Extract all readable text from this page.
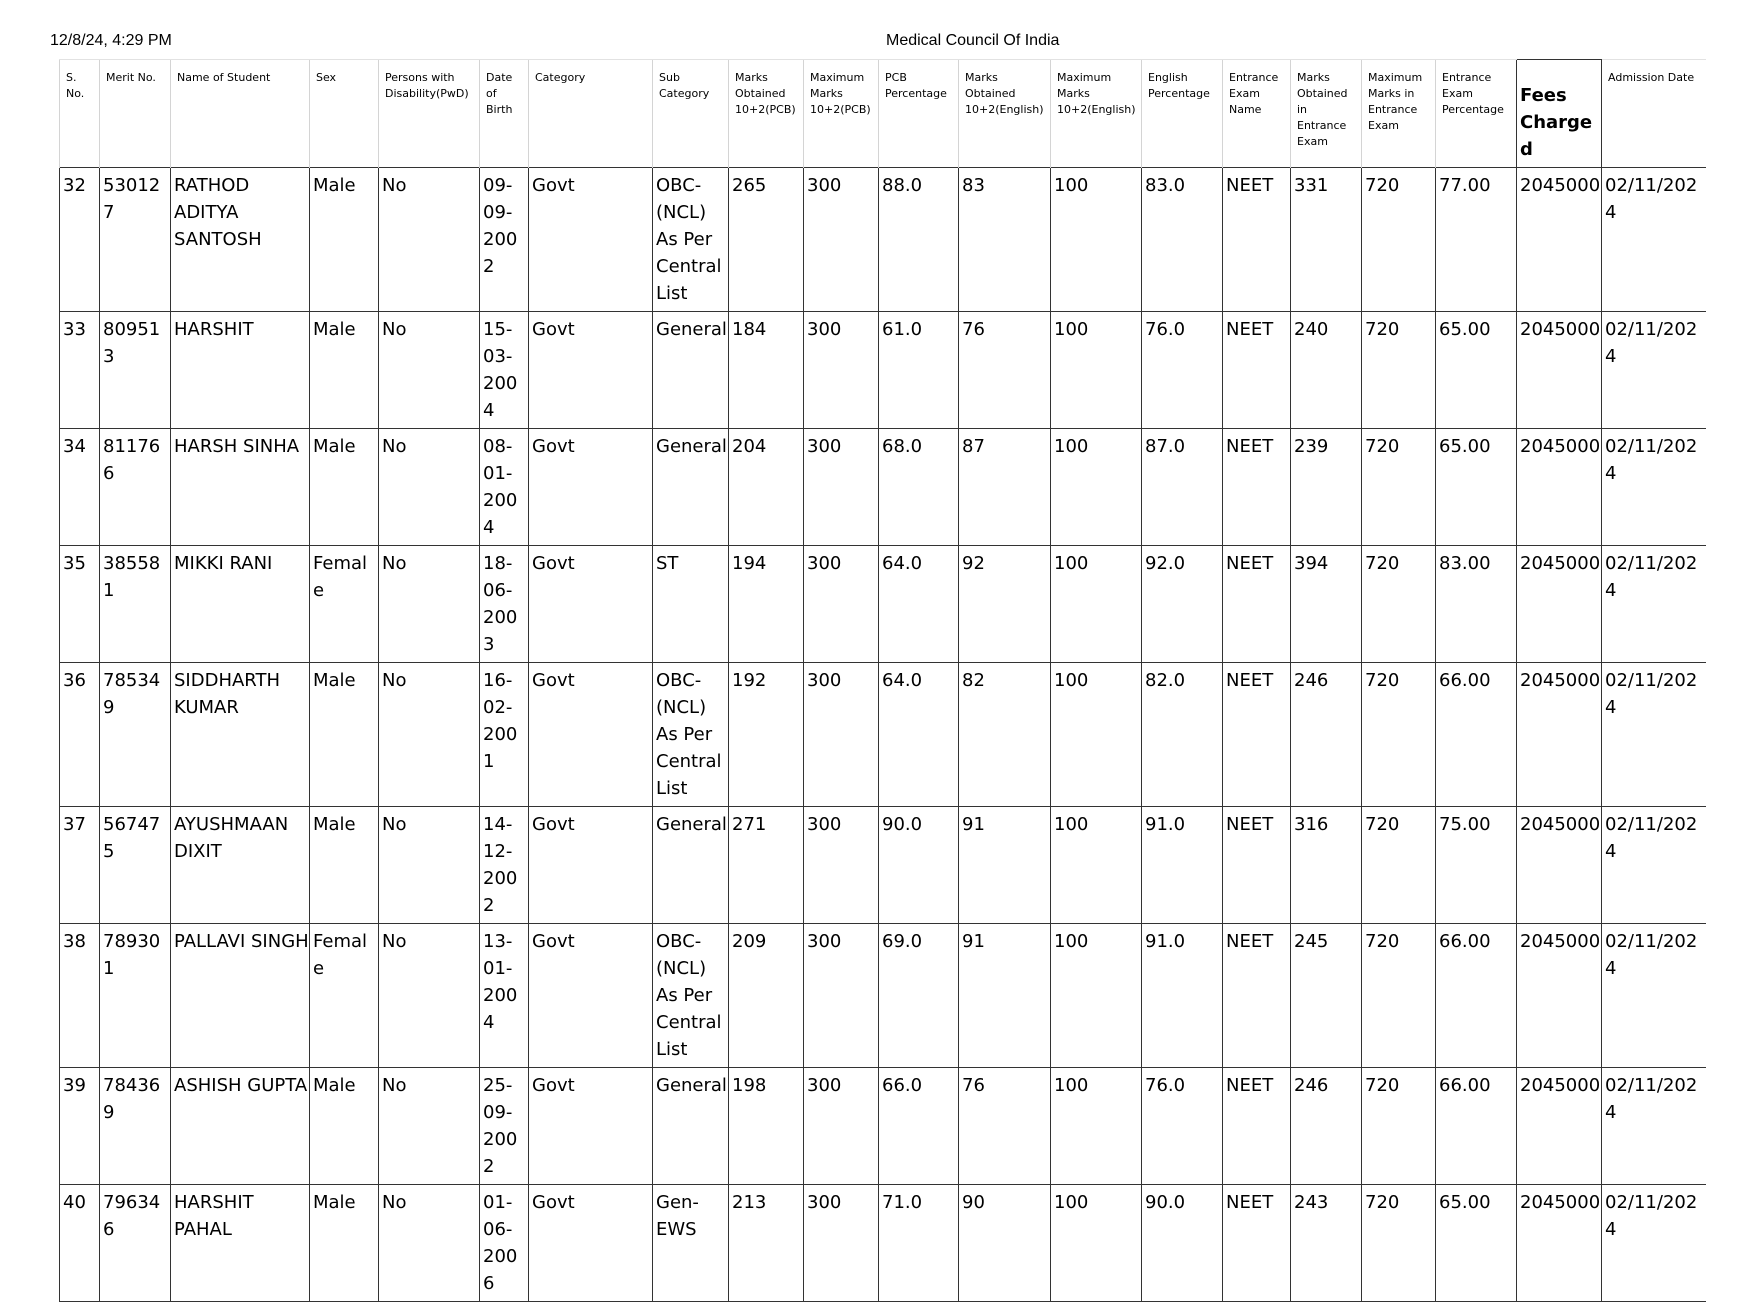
12/8/24, 4:29 PM	Medical Council Of India
S. No.	Merit No.	Name of Student	Sex	Persons with Disability(PwD)	Date of Birth	Category	Sub Category	Marks Obtained 10+2(PCB)	Maximum Marks 10+2(PCB)	PCB Percentage	Marks Obtained 10+2(English)	Maximum Marks 10+2(English)	English Percentage	Entrance Exam Name	Marks Obtained in Entrance Exam	Maximum Marks in Entrance Exam	Entrance Exam Percentage	Fees Charged	Admission Date
32	530127	RATHOD ADITYA SANTOSH	Male	No	09-09-2002	Govt	OBC-(NCL) As Per Central List	265	300	88.0	83	100	83.0	NEET	331	720	77.00	2045000	02/11/2024
33	809513	HARSHIT	Male	No	15-03-2004	Govt	General	184	300	61.0	76	100	76.0	NEET	240	720	65.00	2045000	02/11/2024
34	811766	HARSH SINHA	Male	No	08-01-2004	Govt	General	204	300	68.0	87	100	87.0	NEET	239	720	65.00	2045000	02/11/2024
35	385581	MIKKI RANI	Female	No	18-06-2003	Govt	ST	194	300	64.0	92	100	92.0	NEET	394	720	83.00	2045000	02/11/2024
36	785349	SIDDHARTH KUMAR	Male	No	16-02-2001	Govt	OBC-(NCL) As Per Central List	192	300	64.0	82	100	82.0	NEET	246	720	66.00	2045000	02/11/2024
37	567475	AYUSHMAAN DIXIT	Male	No	14-12-2002	Govt	General	271	300	90.0	91	100	91.0	NEET	316	720	75.00	2045000	02/11/2024
38	789301	PALLAVI SINGH	Female	No	13-01-2004	Govt	OBC-(NCL) As Per Central List	209	300	69.0	91	100	91.0	NEET	245	720	66.00	2045000	02/11/2024
39	784369	ASHISH GUPTA	Male	No	25-09-2002	Govt	General	198	300	66.0	76	100	76.0	NEET	246	720	66.00	2045000	02/11/2024
40	796346	HARSHIT PAHAL	Male	No	01-06-2006	Govt	Gen-EWS	213	300	71.0	90	100	90.0	NEET	243	720	65.00	2045000	02/11/2024
